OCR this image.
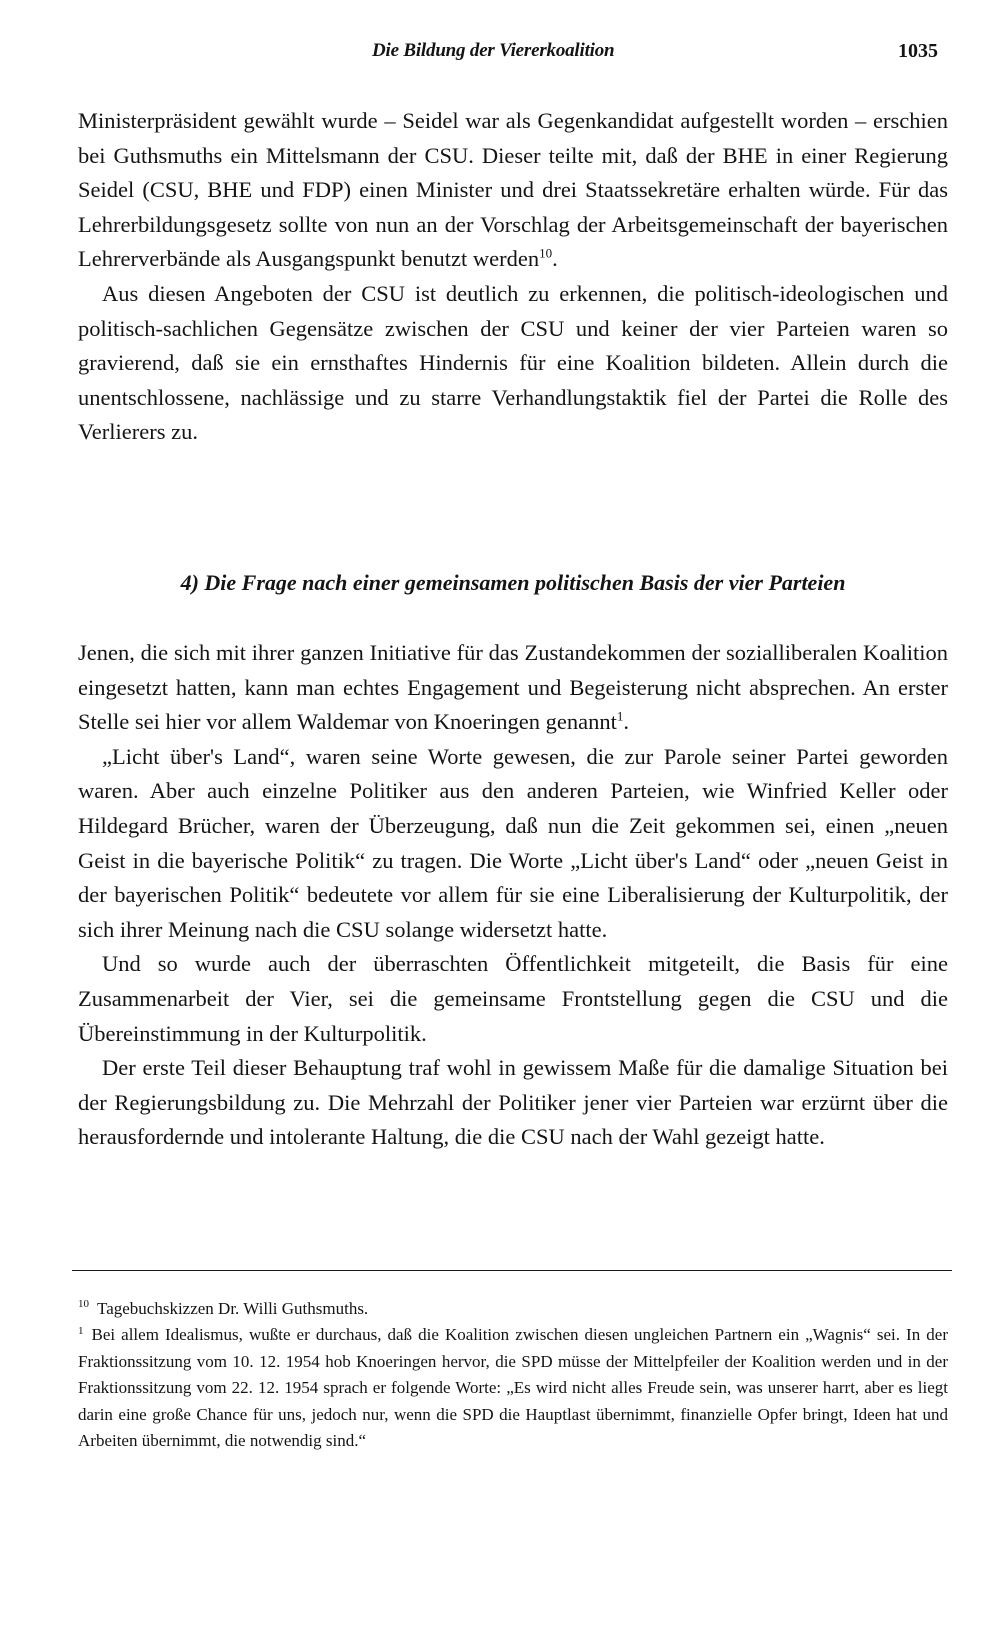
Die Bildung der Viererkoalition	1035

Ministerpräsident gewählt wurde – Seidel war als Gegenkandidat aufgestellt worden – erschien bei Guthsmuths ein Mittelsmann der CSU. Dieser teilte mit, daß der BHE in einer Regierung Seidel (CSU, BHE und FDP) einen Minister und drei Staatssekretäre erhalten würde. Für das Lehrerbildungsgesetz sollte von nun an der Vorschlag der Arbeitsgemeinschaft der bayerischen Lehrerverbände als Ausgangspunkt benutzt werden$^{10}$.

Aus diesen Angeboten der CSU ist deutlich zu erkennen, die politisch-ideologischen und politisch-sachlichen Gegensätze zwischen der CSU und keiner der vier Parteien waren so gravierend, daß sie ein ernsthaftes Hindernis für eine Koalition bildeten. Allein durch die unentschlossene, nachlässige und zu starre Verhandlungstaktik fiel der Partei die Rolle des Verlierers zu.

4) Die Frage nach einer gemeinsamen politischen Basis der vier Parteien

Jenen, die sich mit ihrer ganzen Initiative für das Zustandekommen der sozialliberalen Koalition eingesetzt hatten, kann man echtes Engagement und Begeisterung nicht absprechen. An erster Stelle sei hier vor allem Waldemar von Knoeringen genannt$^1$.

„Licht über's Land“, waren seine Worte gewesen, die zur Parole seiner Partei geworden waren. Aber auch einzelne Politiker aus den anderen Parteien, wie Winfried Keller oder Hildegard Brücher, waren der Überzeugung, daß nun die Zeit gekommen sei, einen „neuen Geist in die bayerische Politik“ zu tragen. Die Worte „Licht über's Land“ oder „neuen Geist in der bayerischen Politik“ bedeutete vor allem für sie eine Liberalisierung der Kulturpolitik, der sich ihrer Meinung nach die CSU solange widersetzt hatte.

Und so wurde auch der überraschten Öffentlichkeit mitgeteilt, die Basis für eine Zusammenarbeit der Vier, sei die gemeinsame Frontstellung gegen die CSU und die Übereinstimmung in der Kulturpolitik.

Der erste Teil dieser Behauptung traf wohl in gewissem Maße für die damalige Situation bei der Regierungsbildung zu. Die Mehrzahl der Politiker jener vier Parteien war erzürnt über die herausfordernde und intolerante Haltung, die die CSU nach der Wahl gezeigt hatte.

$^{10}$ Tagebuchskizzen Dr. Willi Guthsmuths.

$^1$ Bei allem Idealismus, wußte er durchaus, daß die Koalition zwischen diesen ungleichen Partnern ein „Wagnis“ sei. In der Fraktionssitzung vom 10. 12. 1954 hob Knoeringen hervor, die SPD müsse der Mittelpfeiler der Koalition werden und in der Fraktionssitzung vom 22. 12. 1954 sprach er folgende Worte: „Es wird nicht alles Freude sein, was unserer harrt, aber es liegt darin eine große Chance für uns, jedoch nur, wenn die SPD die Hauptlast übernimmt, finanzielle Opfer bringt, Ideen hat und Arbeiten übernimmt, die notwendig sind.“
